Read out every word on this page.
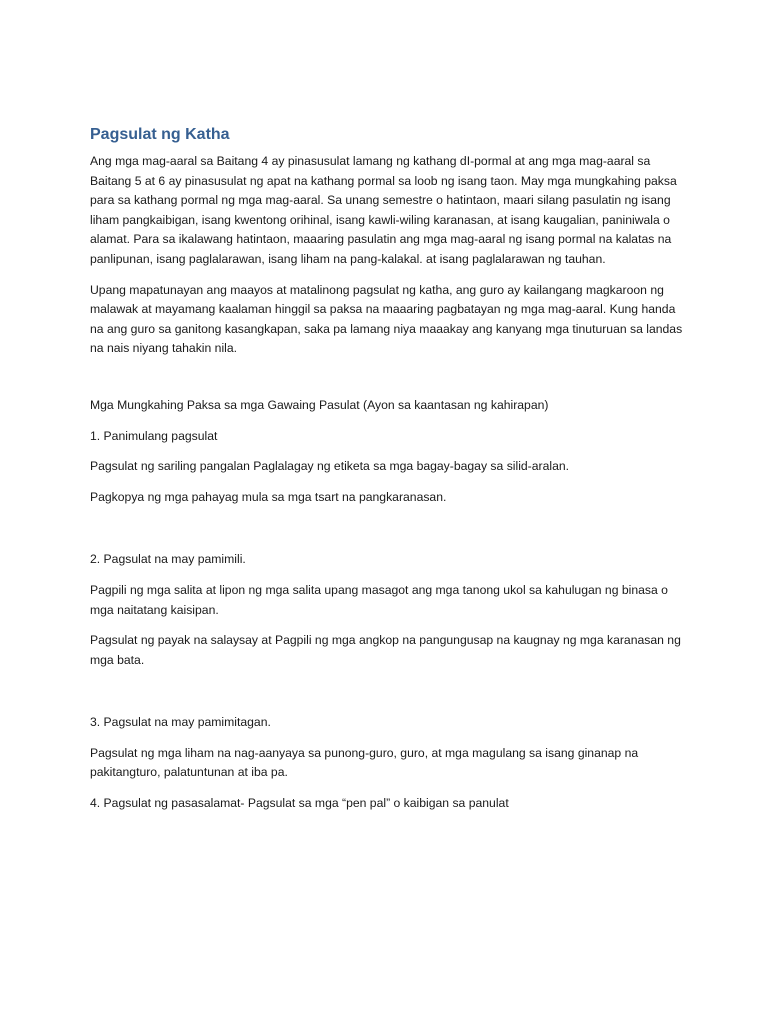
Pagsulat ng Katha

Ang mga mag-aaral sa Baitang 4 ay pinasusulat lamang ng kathang dI-pormal at ang mga mag-aaral sa Baitang 5 at 6 ay pinasusulat ng apat na kathang pormal sa loob ng isang taon. May mga mungkahing paksa para sa kathang pormal ng mga mag-aaral. Sa unang semestre o hatintaon, maari silang pasulatin ng isang liham pangkaibigan, isang kwentong orihinal, isang kawli-wiling karanasan, at isang kaugalian, paniniwala o alamat. Para sa ikalawang hatintaon, maaaring pasulatin ang mga mag-aaral ng isang pormal na kalatas na panlipunan, isang paglalarawan, isang liham na pang-kalakal. at isang paglalarawan ng tauhan.

Upang mapatunayan ang maayos at matalinong pagsulat ng katha, ang guro ay kailangang magkaroon ng malawak at mayamang kaalaman hinggil sa paksa na maaaring pagbatayan ng mga mag-aaral. Kung handa na ang guro sa ganitong kasangkapan, saka pa lamang niya maaakay ang kanyang mga tinuturuan sa landas na nais niyang tahakin nila.

Mga Mungkahing Paksa sa mga Gawaing Pasulat (Ayon sa kaantasan ng kahirapan)

1. Panimulang pagsulat

Pagsulat ng sariling pangalan Paglalagay ng etiketa sa mga bagay-bagay sa silid-aralan.

Pagkopya ng mga pahayag mula sa mga tsart na pangkaranasan.

2. Pagsulat na may pamimili.

Pagpili ng mga salita at lipon ng mga salita upang masagot ang mga tanong ukol sa kahulugan ng binasa o mga naitatang kaisipan.

Pagsulat ng payak na salaysay at Pagpili ng mga angkop na pangungusap na kaugnay ng mga karanasan ng mga bata.

3. Pagsulat na may pamimitagan.

Pagsulat ng mga liham na nag-aanyaya sa punong-guro, guro, at mga magulang sa isang ginanap na pakitangturo, palatuntunan at iba pa.

4. Pagsulat ng pasasalamat- Pagsulat sa mga “pen pal” o kaibigan sa panulat
